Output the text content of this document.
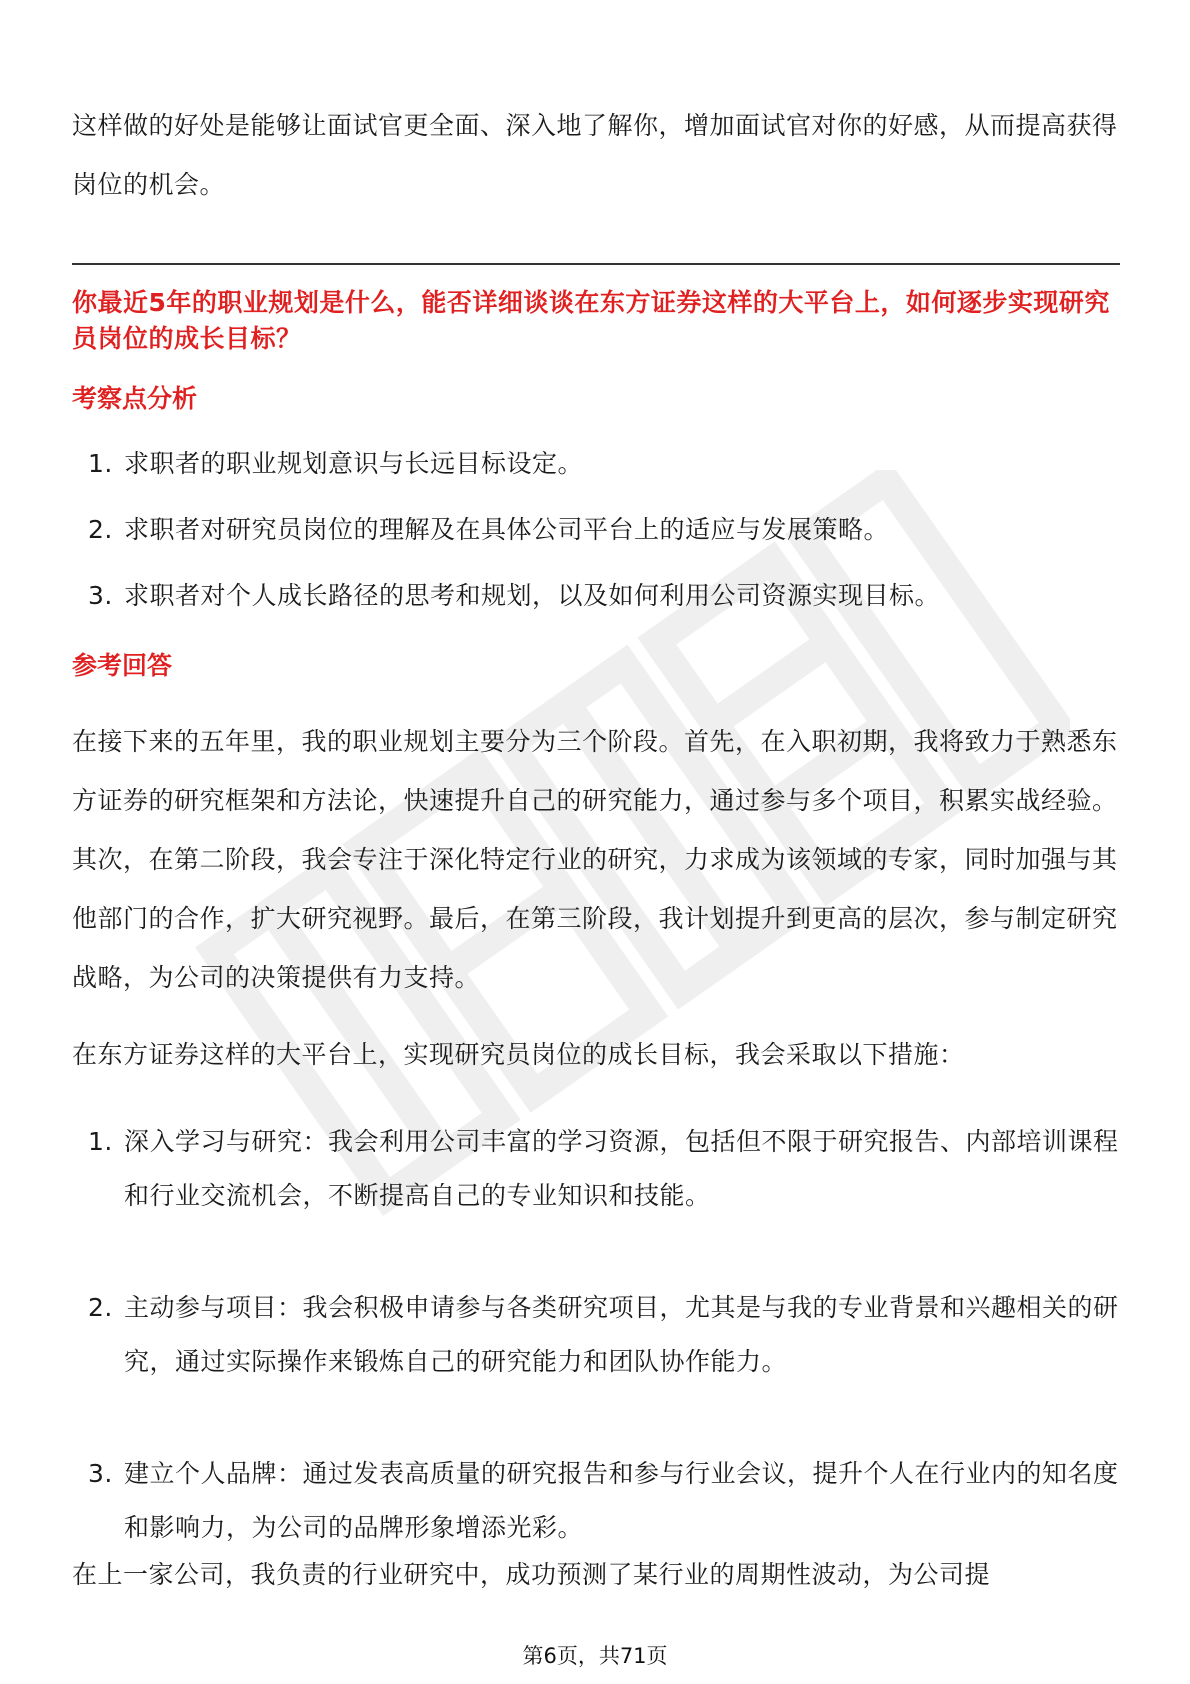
这样做的好处是能够让面试官更全面、深入地了解你，增加面试官对你的好感，从而提高获得岗位的机会。

你最近5年的职业规划是什么，能否详细谈谈在东方证券这样的大平台上，如何逐步实现研究员岗位的成长目标？

考察点分析

1. 求职者的职业规划意识与长远目标设定。
2. 求职者对研究员岗位的理解及在具体公司平台上的适应与发展策略。
3. 求职者对个人成长路径的思考和规划，以及如何利用公司资源实现目标。

参考回答

在接下来的五年里，我的职业规划主要分为三个阶段。首先，在入职初期，我将致力于熟悉东方证券的研究框架和方法论，快速提升自己的研究能力，通过参与多个项目，积累实战经验。其次，在第二阶段，我会专注于深化特定行业的研究，力求成为该领域的专家，同时加强与其他部门的合作，扩大研究视野。最后，在第三阶段，我计划提升到更高的层次，参与制定研究战略，为公司的决策提供有力支持。

在东方证券这样的大平台上，实现研究员岗位的成长目标，我会采取以下措施：

1. 深入学习与研究：我会利用公司丰富的学习资源，包括但不限于研究报告、内部培训课程和行业交流机会，不断提高自己的专业知识和技能。
2. 主动参与项目：我会积极申请参与各类研究项目，尤其是与我的专业背景和兴趣相关的研究，通过实际操作来锻炼自己的研究能力和团队协作能力。
3. 建立个人品牌：通过发表高质量的研究报告和参与行业会议，提升个人在行业内的知名度和影响力，为公司的品牌形象增添光彩。

在上一家公司，我负责的行业研究中，成功预测了某行业的周期性波动，为公司提

第6页，共71页
